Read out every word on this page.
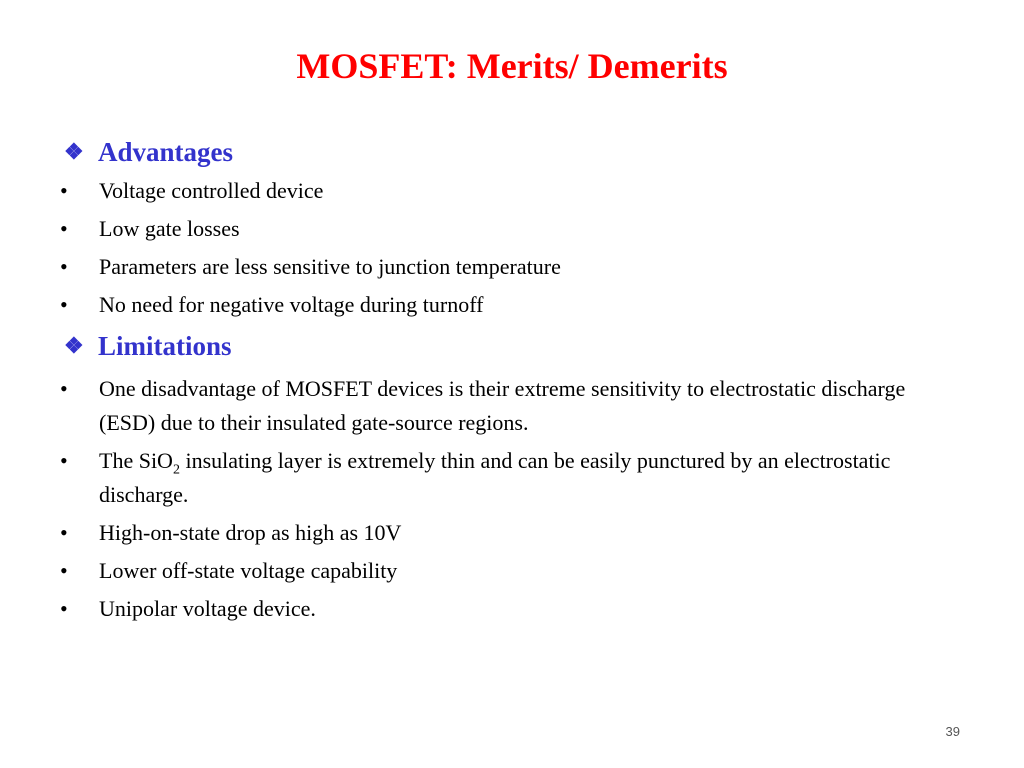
MOSFET: Merits/ Demerits
❖ Advantages
•	Voltage controlled device
•	Low gate losses
•	Parameters are less sensitive to junction temperature
•	No need for negative voltage during turnoff
❖ Limitations
•	One disadvantage of MOSFET devices is their extreme sensitivity to electrostatic discharge (ESD) due to their insulated gate-source regions.
•	The SiO$_2$ insulating layer is extremely thin and can be easily punctured by an electrostatic discharge.
•	High-on-state drop as high as 10V
•	Lower off-state voltage capability
•	Unipolar voltage device.
39
